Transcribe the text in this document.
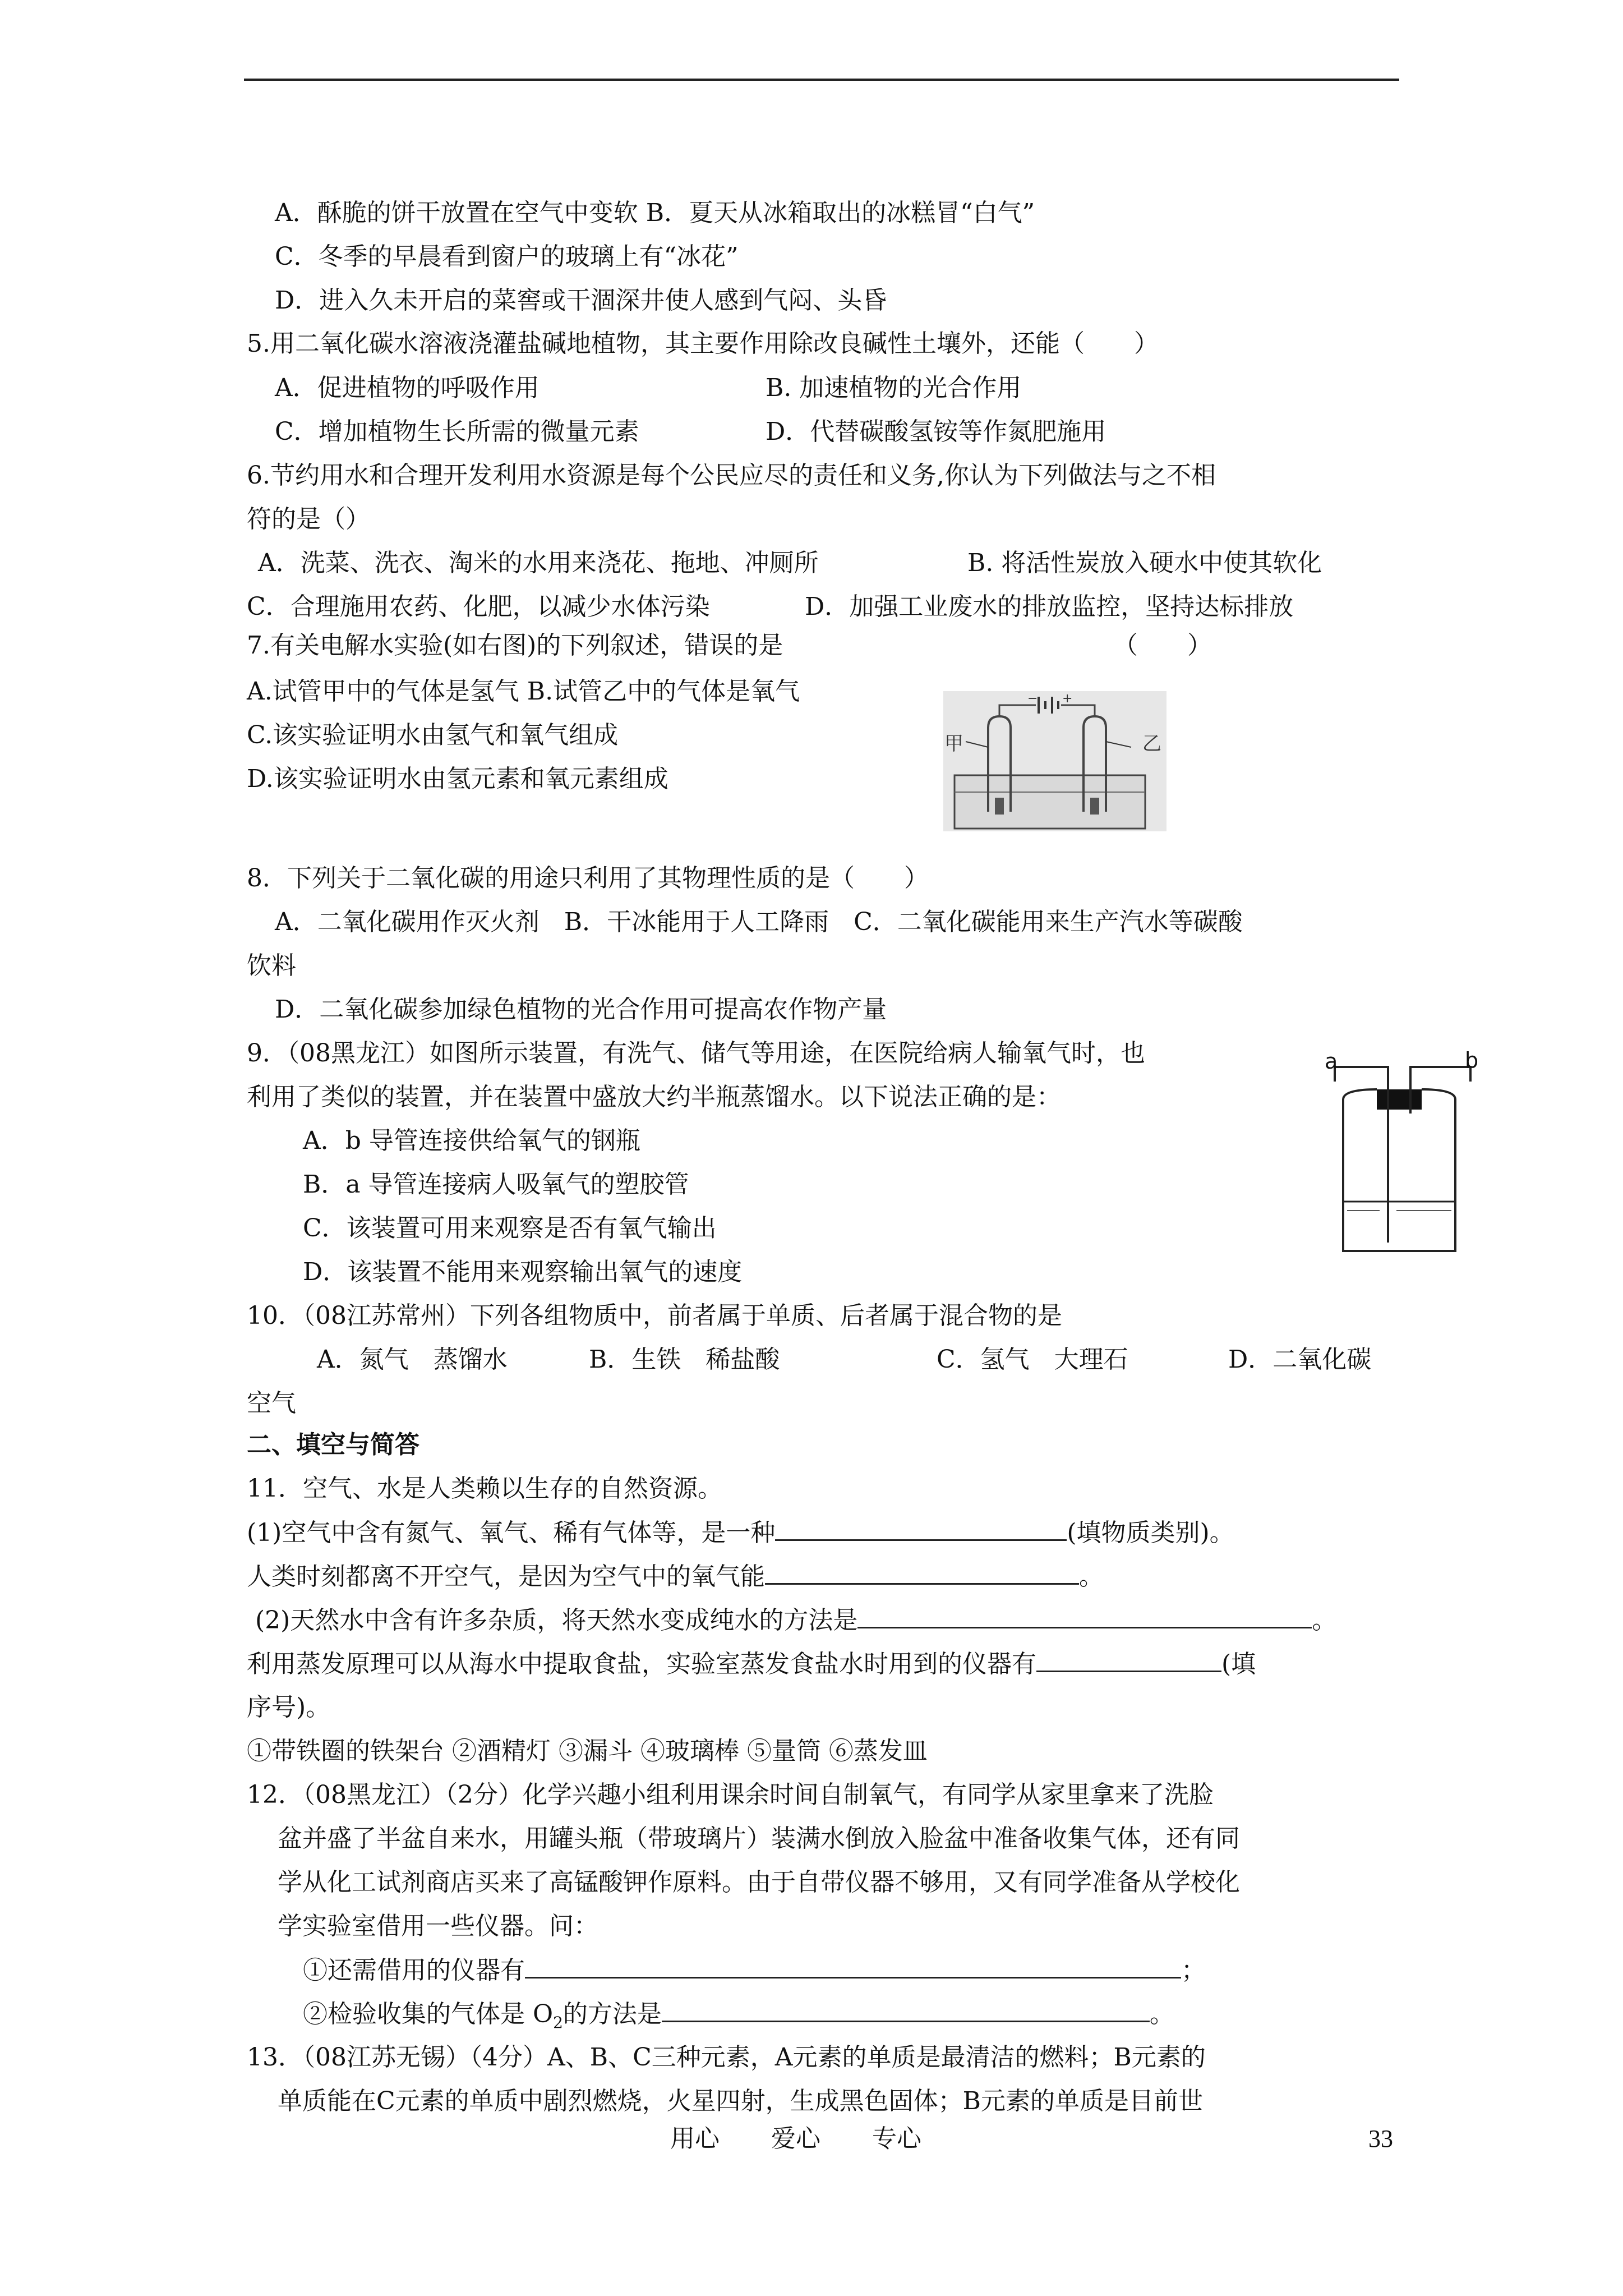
A．酥脆的饼干放置在空气中变软 B．夏天从冰箱取出的冰糕冒“白气”
C．冬季的早晨看到窗户的玻璃上有“冰花”
D．进入久未开启的菜窖或干涸深井使人感到气闷、头昏
5.用二氧化碳水溶液浇灌盐碱地植物，其主要作用除改良碱性土壤外，还能（　　）
A．促进植物的呼吸作用	B. 加速植物的光合作用
C．增加植物生长所需的微量元素	D．代替碳酸氢铵等作氮肥施用
6.节约用水和合理开发利用水资源是每个公民应尽的责任和义务,你认为下列做法与之不相
符的是（）
A．洗菜、洗衣、淘米的水用来浇花、拖地、冲厕所	B. 将活性炭放入硬水中使其软化
C．合理施用农药、化肥，以减少水体污染	D．加强工业废水的排放监控，坚持达标排放
7.有关电解水实验(如右图)的下列叙述，错误的是	（　　）
A.试管甲中的气体是氢气 B.试管乙中的气体是氧气
C.该实验证明水由氢气和氧气组成
D.该实验证明水由氢元素和氧元素组成
− +
甲	乙
8．下列关于二氧化碳的用途只利用了其物理性质的是（　　）
A．二氧化碳用作灭火剂　B．干冰能用于人工降雨　C．二氧化碳能用来生产汽水等碳酸
饮料
D．二氧化碳参加绿色植物的光合作用可提高农作物产量
9．（08黑龙江）如图所示装置，有洗气、储气等用途，在医院给病人输氧气时，也
利用了类似的装置，并在装置中盛放大约半瓶蒸馏水。以下说法正确的是：
A．b 导管连接供给氧气的钢瓶
B．a 导管连接病人吸氧气的塑胶管
C．该装置可用来观察是否有氧气输出
D．该装置不能用来观察输出氧气的速度
a	b
10．（08江苏常州）下列各组物质中，前者属于单质、后者属于混合物的是
A．氮气　蒸馏水	B．生铁　稀盐酸	C．氢气　大理石	D．二氧化碳
空气
二、填空与简答
11．空气、水是人类赖以生存的自然资源。
(1)空气中含有氮气、氧气、稀有气体等，是一种	(填物质类别)。
人类时刻都离不开空气，是因为空气中的氧气能	。
(2)天然水中含有许多杂质，将天然水变成纯水的方法是	。
利用蒸发原理可以从海水中提取食盐，实验室蒸发食盐水时用到的仪器有	(填
序号)。
①带铁圈的铁架台 ②酒精灯 ③漏斗 ④玻璃棒 ⑤量筒 ⑥蒸发皿
12．（08黑龙江）（2分）化学兴趣小组利用课余时间自制氧气，有同学从家里拿来了洗脸
盆并盛了半盆自来水，用罐头瓶（带玻璃片）装满水倒放入脸盆中准备收集气体，还有同
学从化工试剂商店买来了高锰酸钾作原料。由于自带仪器不够用，又有同学准备从学校化
学实验室借用一些仪器。问：
①还需借用的仪器有	；
②检验收集的气体是 $O_2$的方法是	。
13．（08江苏无锡）（4分）A、B、C三种元素，A元素的单质是最清洁的燃料；B元素的
单质能在C元素的单质中剧烈燃烧，火星四射，生成黑色固体；B元素的单质是目前世
用心 爱心 专心	33
